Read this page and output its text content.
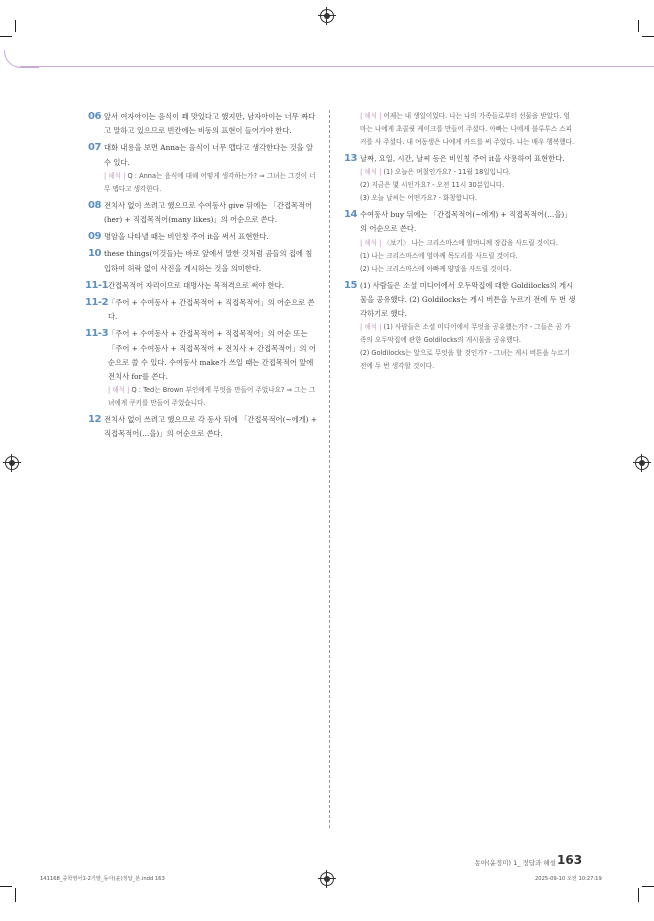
06 앞서 여자아이는 음식이 꽤 맛있다고 했지만, 남자아이는 너무 짜다고 말하고 있으므로 빈칸에는 비동의 표현이 들어가야 한다.
07 대화 내용을 보면 Anna는 음식이 너무 맵다고 생각한다는 것을 알 수 있다.
| 해석 | Q : Anna는 음식에 대해 어떻게 생각하는가? ⇒ 그녀는 그것이 너무 맵다고 생각한다.
08 전치사 없이 쓰려고 했으므로 수여동사 give 뒤에는 「간접목적어(her) + 직접목적어(many likes)」의 어순으로 쓴다.
09 명암을 나타낼 때는 비인칭 주어 it을 써서 표현한다.
10 these things(이것들)는 바로 앞에서 말한 것처럼 곰들의 집에 침입하여 허락 없이 사진을 게시하는 것을 의미한다.
11-1 간접목적어 자리이므로 대명사는 목적격으로 써야 한다.
11-2 「주어 + 수여동사 + 간접목적어 + 직접목적어」의 어순으로 쓴다.
11-3 「주어 + 수여동사 + 간접목적어 + 직접목적어」의 어순 또는 「주어 + 수여동사 + 직접목적어 + 전치사 + 간접목적어」의 어순으로 쓸 수 있다. 수여동사 make가 쓰일 때는 간접목적어 앞에 전치사 for를 쓴다.
| 해석 | Q : Ted는 Brown 부인에게 무엇을 만들어 주었나요? ⇒ 그는 그녀에게 쿠키를 만들어 주었습니다.
12 전치사 없이 쓰려고 했으므로 각 동사 뒤에 「간접목적어(~에게) + 직접목적어(…을)」의 어순으로 쓴다.
| 해석 | 어제는 내 생일이었다. 나는 나의 가족들로부터 선물을 받았다. 엄마는 나에게 초콜릿 케이크를 만들어 주셨다. 아빠는 나에게 블루투스 스피커를 사 주셨다. 내 여동생은 나에게 카드를 써 주었다. 나는 매우 행복했다.
13 날짜, 요일, 시간, 날씨 등은 비인칭 주어 it을 사용하여 표현한다.
| 해석 | (1) 오늘은 며칠인가요? - 11월 18일입니다.
(2) 지금은 몇 시인가요? - 오전 11시 30분입니다.
(3) 오늘 날씨는 어떤가요? - 화창합니다.
14 수여동사 buy 뒤에는 「간접목적어(~에게) + 직접목적어(…을)」의 어순으로 쓴다.
| 해석 | 〈보기〉 나는 크리스마스에 할머니께 장갑을 사드릴 것이다.
(1) 나는 크리스마스에 엄마께 목도리를 사드릴 것이다.
(2) 나는 크리스마스에 아빠께 양말을 사드릴 것이다.
15 (1) 사람들은 소셜 미디어에서 오두막집에 대한 Goldilocks의 게시물을 공유했다. (2) Goldilocks는 게시 버튼을 누르기 전에 두 번 생각하기로 했다.
| 해석 | (1) 사람들은 소셜 미디어에서 무엇을 공유했는가? - 그들은 곰 가족의 오두막집에 관한 Goldilocks의 게시물을 공유했다.
(2) Goldilocks는 앞으로 무엇을 할 것인가? - 그녀는 게시 버튼을 누르기 전에 두 번 생각할 것이다.
동아(윤정미) 1_ 정답과 해설 163
141168_중학영어1-2기말_동아(윤)정답_본.indd 163	2025-09-10 오전 10:27:19
